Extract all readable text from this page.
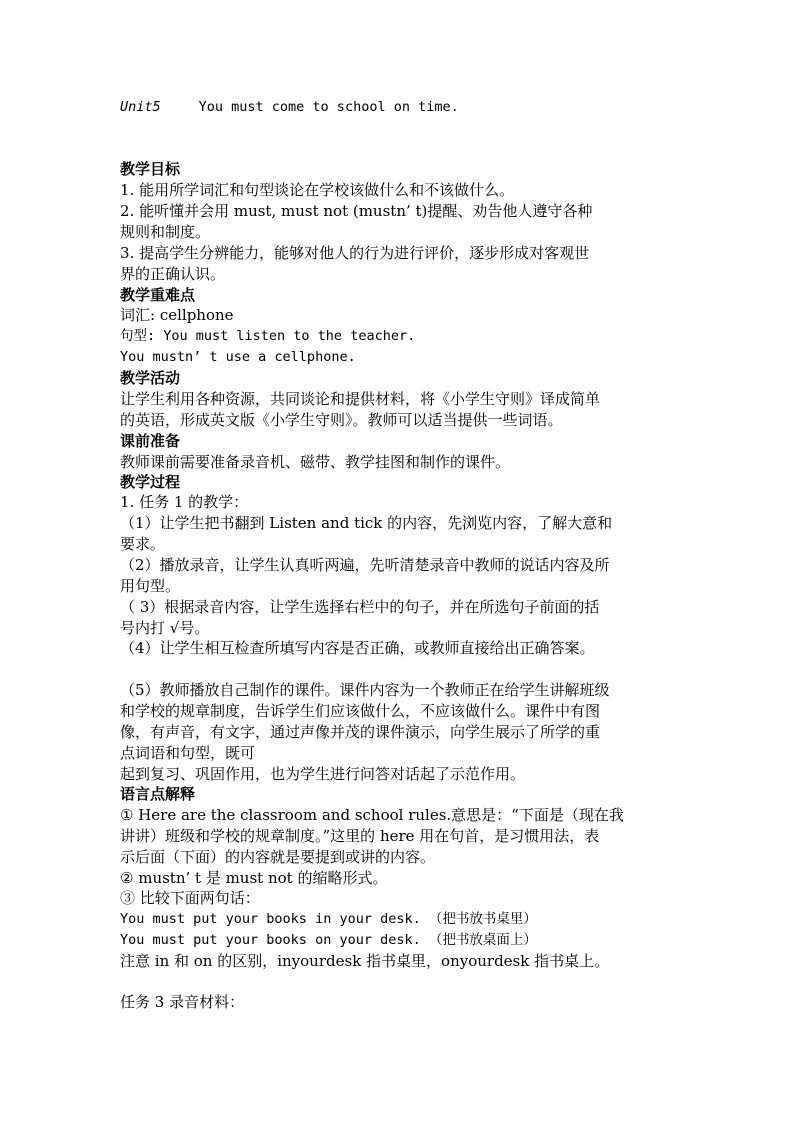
Unit5	You must come to school on time.
教学目标
1. 能用所学词汇和句型谈论在学校该做什么和不该做什么。
2. 能听懂并会用 must, must not (mustn’ t)提醒、劝告他人遵守各种
规则和制度。
3. 提高学生分辨能力，能够对他人的行为进行评价，逐步形成对客观世
界的正确认识。
教学重难点
词汇: cellphone
句型: You must listen to the teacher.
You mustn’ t use a cellphone.
教学活动
让学生利用各种资源，共同谈论和提供材料，将《小学生守则》译成简单
的英语，形成英文版《小学生守则》。教师可以适当提供一些词语。
课前准备
教师课前需要准备录音机、磁带、教学挂图和制作的课件。
教学过程
1. 任务 1 的教学：
（1）让学生把书翻到 Listen and tick 的内容，先浏览内容，了解大意和
要求。
（2）播放录音，让学生认真听两遍，先听清楚录音中教师的说话内容及所
用句型。
（ 3）根据录音内容，让学生选择右栏中的句子，并在所选句子前面的括
号内打 √号。
（4）让学生相互检查所填写内容是否正确，或教师直接给出正确答案。
（5）教师播放自己制作的课件。课件内容为一个教师正在给学生讲解班级
和学校的规章制度，告诉学生们应该做什么，不应该做什么。课件中有图
像，有声音，有文字，通过声像并茂的课件演示，向学生展示了所学的重
点词语和句型，既可
起到复习、巩固作用，也为学生进行问答对话起了示范作用。
语言点解释
① Here are the classroom and school rules.意思是：“下面是（现在我
讲讲）班级和学校的规章制度。”这里的 here 用在句首，是习惯用法，表
示后面（下面）的内容就是要提到或讲的内容。
② mustn’ t 是 must not 的缩略形式。
③ 比较下面两句话：
You must put your books in your desk. （把书放书桌里）
You must put your books on your desk. （把书放桌面上）
注意 in 和 on 的区别，inyourdesk 指书桌里，onyourdesk 指书桌上。
任务 3 录音材料：
